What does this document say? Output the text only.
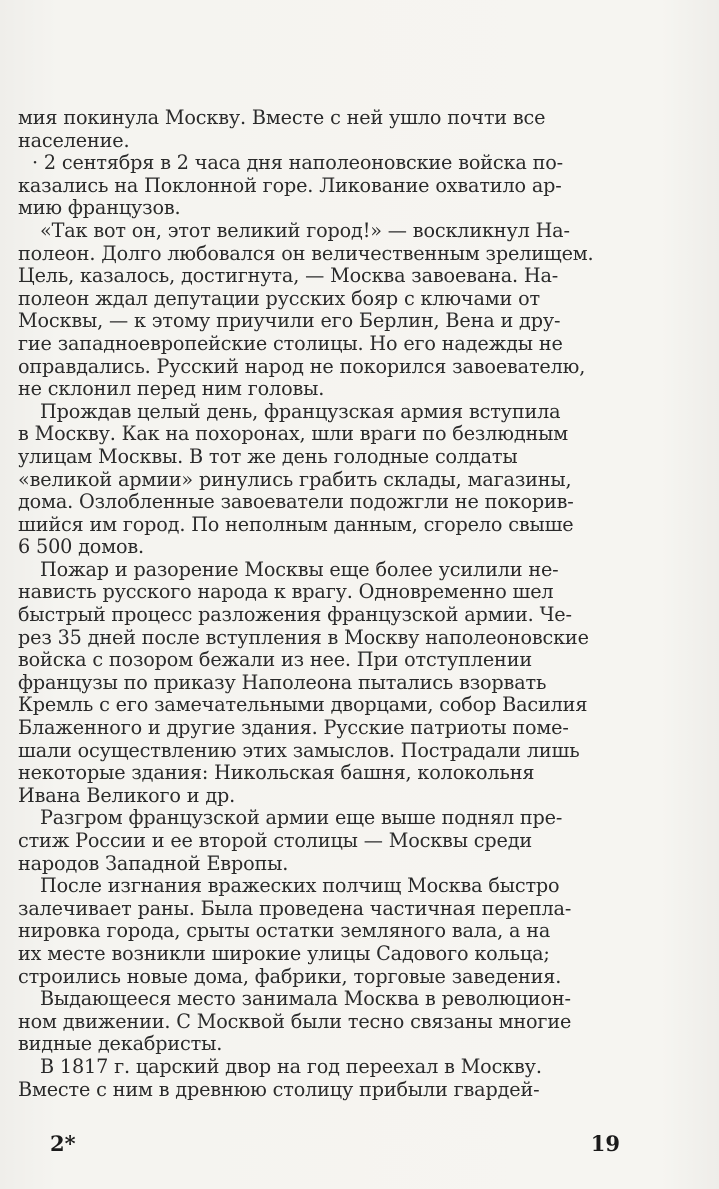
мия покинула Москву. Вместе с ней ушло почти все
население.

· 2 сентября в 2 часа дня наполеоновские войска по-
казались на Поклонной горе. Ликование охватило ар-
мию французов.

«Так вот он, этот великий город!» — воскликнул На-
полеон. Долго любовался он величественным зрелищем.
Цель, казалось, достигнута, — Москва завоевана. На-
полеон ждал депутации русских бояр с ключами от
Москвы, — к этому приучили его Берлин, Вена и дру-
гие западноевропейские столицы. Но его надежды не
оправдались. Русский народ не покорился завоевателю,
не склонил перед ним головы.

Прождав целый день, французская армия вступила
в Москву. Как на похоронах, шли враги по безлюдным
улицам Москвы. В тот же день голодные солдаты
«великой армии» ринулись грабить склады, магазины,
дома. Озлобленные завоеватели подожгли не покорив-
шийся им город. По неполным данным, сгорело свыше
6 500 домов.

Пожар и разорение Москвы еще более усилили не-
нависть русского народа к врагу. Одновременно шел
быстрый процесс разложения французской армии. Че-
рез 35 дней после вступления в Москву наполеоновские
войска с позором бежали из нее. При отступлении
французы по приказу Наполеона пытались взорвать
Кремль с его замечательными дворцами, собор Василия
Блаженного и другие здания. Русские патриоты поме-
шали осуществлению этих замыслов. Пострадали лишь
некоторые здания: Никольская башня, колокольня
Ивана Великого и др.

Разгром французской армии еще выше поднял пре-
стиж России и ее второй столицы — Москвы среди
народов Западной Европы.

После изгнания вражеских полчищ Москва быстро
залечивает раны. Была проведена частичная перепла-
нировка города, срыты остатки земляного вала, а на
их месте возникли широкие улицы Садового кольца;
строились новые дома, фабрики, торговые заведения.

Выдающееся место занимала Москва в революцион-
ном движении. С Москвой были тесно связаны многие
видные декабристы.

В 1817 г. царский двор на год переехал в Москву.
Вместе с ним в древнюю столицу прибыли гвардей-

2*	19
